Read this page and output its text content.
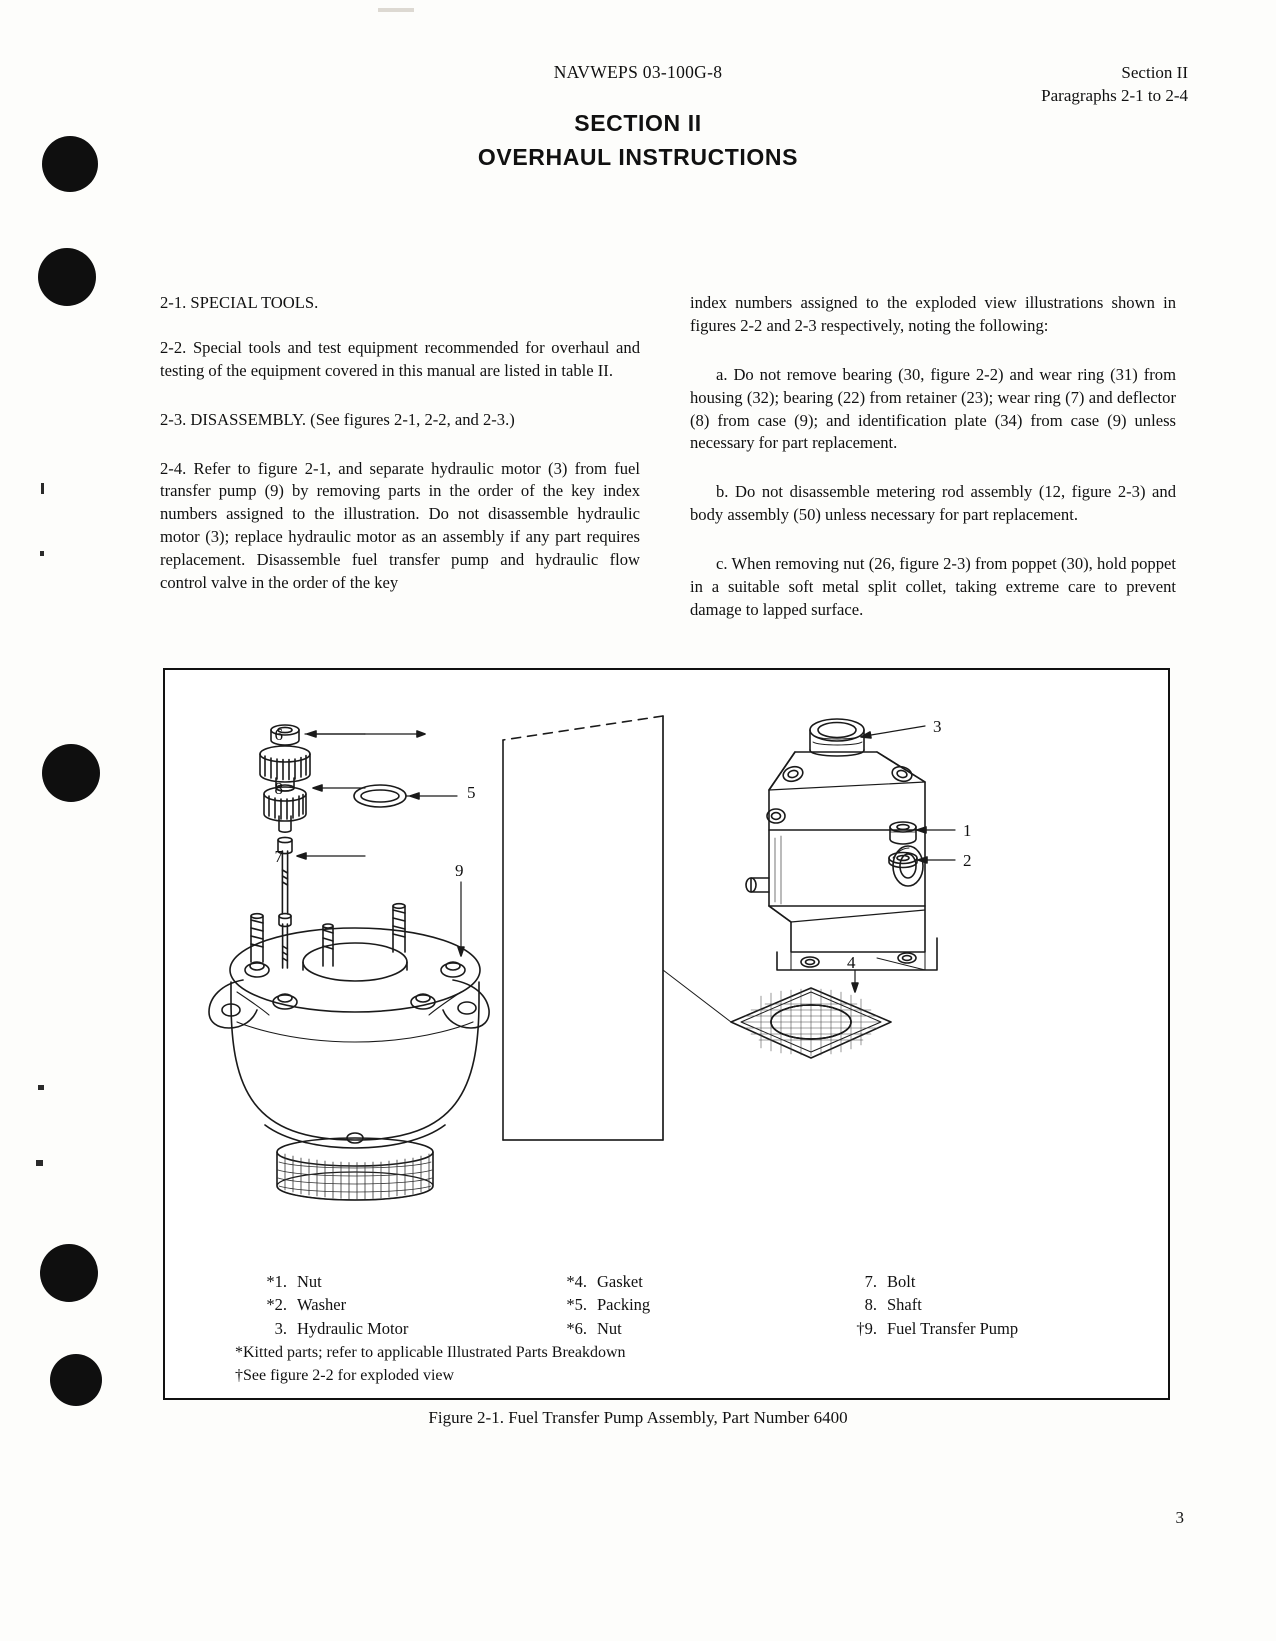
NAVWEPS 03-100G-8	Section II
Paragraphs 2-1 to 2-4
SECTION II
OVERHAUL INSTRUCTIONS

2-1. SPECIAL TOOLS.

2-2. Special tools and test equipment recommended for overhaul and testing of the equipment covered in this manual are listed in table II.

2-3. DISASSEMBLY. (See figures 2-1, 2-2, and 2-3.)

2-4. Refer to figure 2-1, and separate hydraulic motor (3) from fuel transfer pump (9) by removing parts in the order of the key index numbers assigned to the illustration. Do not disassemble hydraulic motor (3); replace hydraulic motor as an assembly if any part requires replacement. Disassemble fuel transfer pump and hydraulic flow control valve in the order of the key

index numbers assigned to the exploded view illustrations shown in figures 2-2 and 2-3 respectively, noting the following:

a. Do not remove bearing (30, figure 2-2) and wear ring (31) from housing (32); bearing (22) from retainer (23); wear ring (7) and deflector (8) from case (9); and identification plate (34) from case (9) unless necessary for part replacement.

b. Do not disassemble metering rod assembly (12, figure 2-3) and body assembly (50) unless necessary for part replacement.

c. When removing nut (26, figure 2-3) from poppet (30), hold poppet in a suitable soft metal split collet, taking extreme care to prevent damage to lapped surface.

6
8
7
5
9
3
1
2
4
*1. Nut	*4. Gasket	7. Bolt
*2. Washer	*5. Packing	8. Shaft
3. Hydraulic Motor	*6. Nut	†9. Fuel Transfer Pump
*Kitted parts; refer to applicable Illustrated Parts Breakdown
†See figure 2-2 for exploded view
Figure 2-1. Fuel Transfer Pump Assembly, Part Number 6400
3
